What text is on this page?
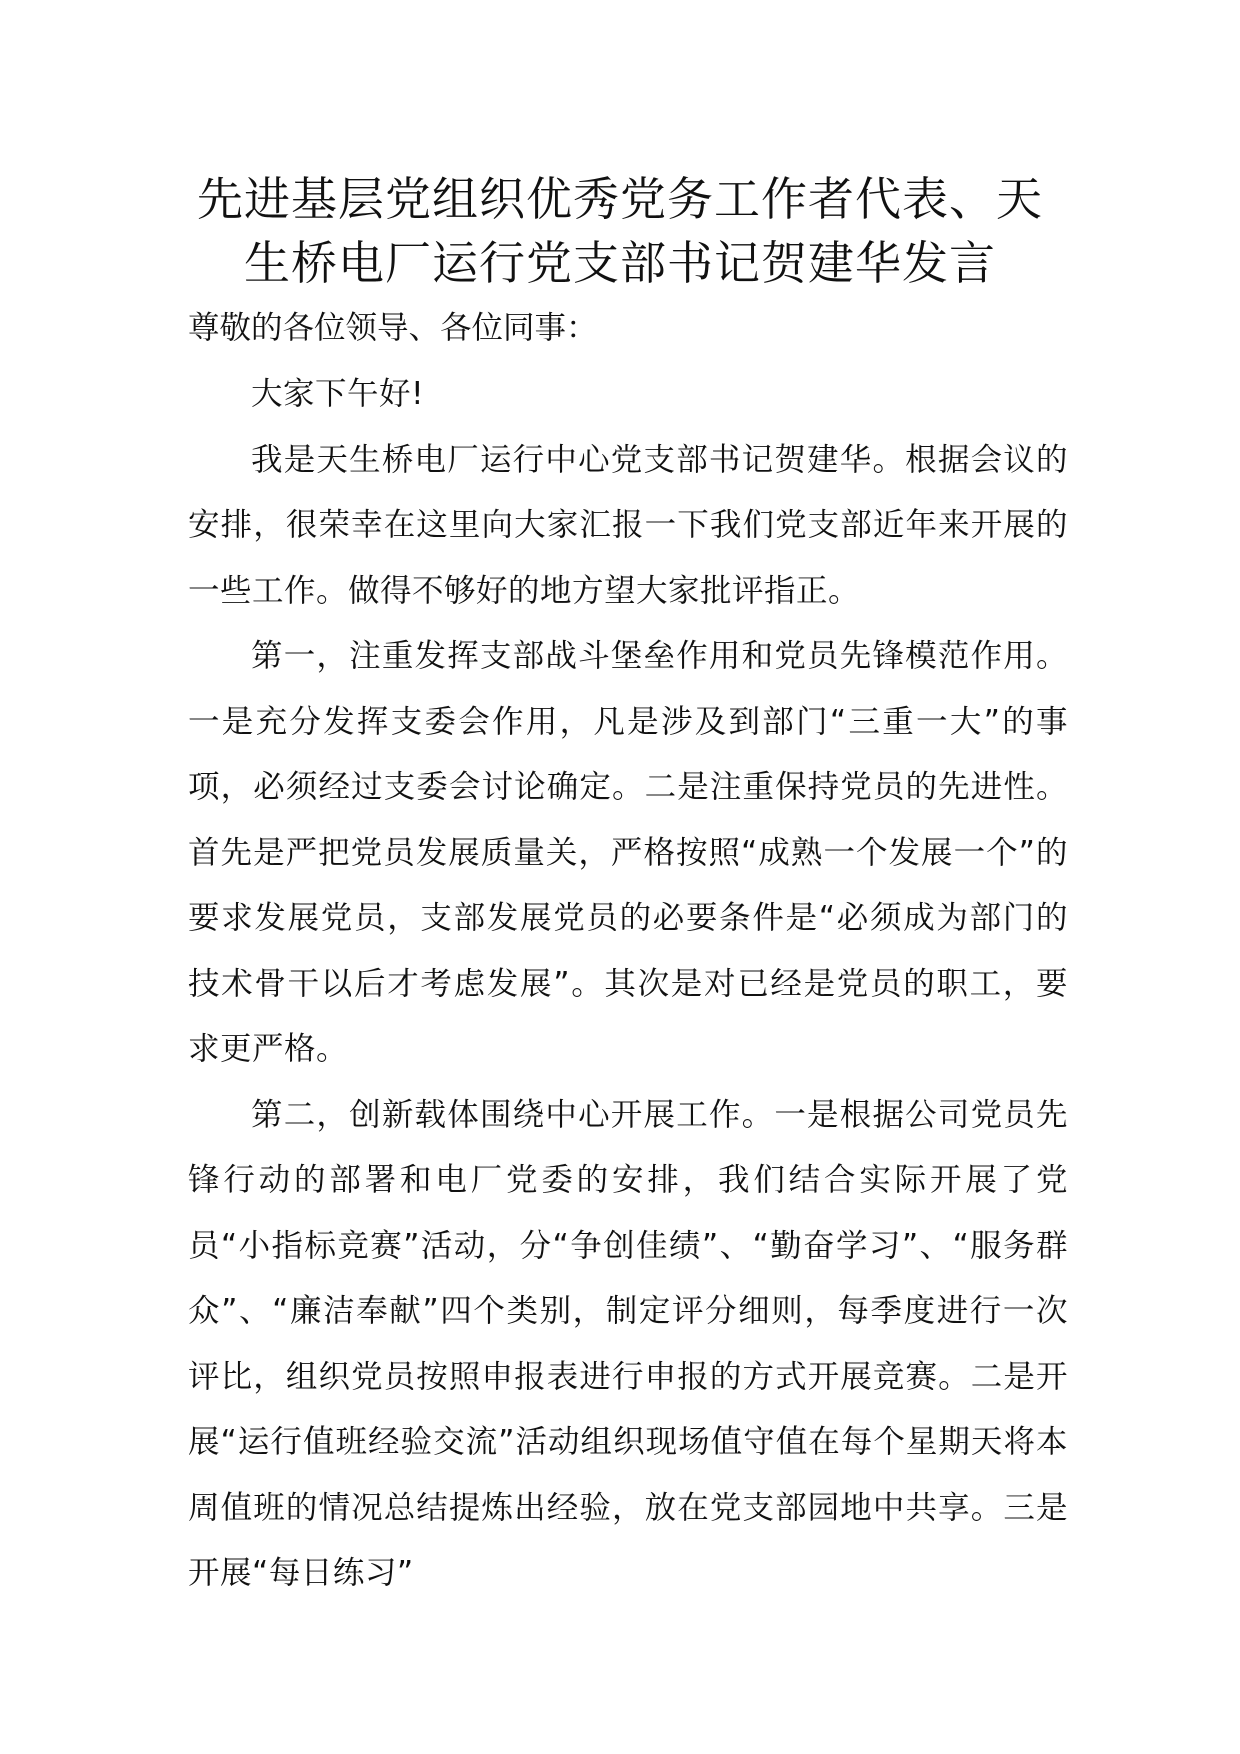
先进基层党组织优秀党务工作者代表、天
生桥电厂运行党支部书记贺建华发言

尊敬的各位领导、各位同事：

大家下午好!

我是天生桥电厂运行中心党支部书记贺建华。根据会议的安排，很荣幸在这里向大家汇报一下我们党支部近年来开展的一些工作。做得不够好的地方望大家批评指正。

第一，注重发挥支部战斗堡垒作用和党员先锋模范作用。一是充分发挥支委会作用，凡是涉及到部门“三重一大”的事项，必须经过支委会讨论确定。二是注重保持党员的先进性。首先是严把党员发展质量关，严格按照“成熟一个发展一个”的要求发展党员，支部发展党员的必要条件是“必须成为部门的技术骨干以后才考虑发展”。其次是对已经是党员的职工，要求更严格。

第二，创新载体围绕中心开展工作。一是根据公司党员先锋行动的部署和电厂党委的安排，我们结合实际开展了党员“小指标竞赛”活动，分“争创佳绩”、“勤奋学习”、“服务群众”、“廉洁奉献”四个类别，制定评分细则，每季度进行一次评比，组织党员按照申报表进行申报的方式开展竞赛。二是开展“运行值班经验交流”活动组织现场值守值在每个星期天将本周值班的情况总结提炼出经验，放在党支部园地中共享。三是开展“每日练习”
